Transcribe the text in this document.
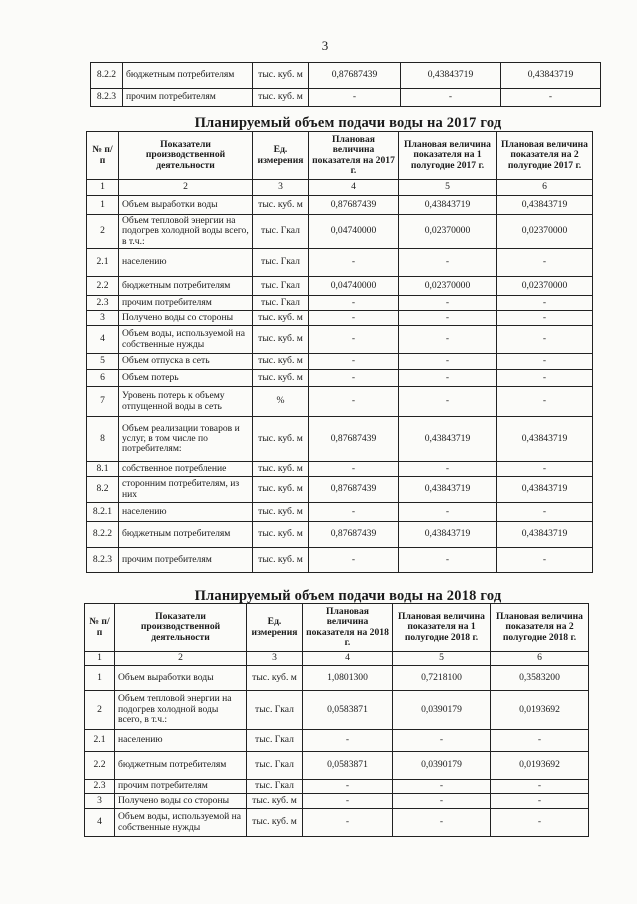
3
8.2.2	бюджетным потребителям	тыс. куб. м	0,87687439	0,43843719	0,43843719
8.2.3	прочим потребителям	тыс. куб. м	-	-	-
Планируемый объем подачи воды на 2017 год
№ п/п	Показатели производственной деятельности	Ед. измерения	Плановая величина показателя на 2017 г.	Плановая величина показателя на 1 полугодие 2017 г.	Плановая величина показателя на 2 полугодие 2017 г.
1	2	3	4	5	6
1	Объем выработки воды	тыс. куб. м	0,87687439	0,43843719	0,43843719
2	Объем тепловой энергии на подогрев холодной воды всего, в т.ч.:	тыс. Гкал	0,04740000	0,02370000	0,02370000
2.1	населению	тыс. Гкал	-	-	-
2.2	бюджетным потребителям	тыс. Гкал	0,04740000	0,02370000	0,02370000
2.3	прочим потребителям	тыс. Гкал	-	-	-
3	Получено воды со стороны	тыс. куб. м	-	-	-
4	Объем воды, используемой на собственные нужды	тыс. куб. м	-	-	-
5	Объем отпуска в сеть	тыс. куб. м	-	-	-
6	Объем потерь	тыс. куб. м	-	-	-
7	Уровень потерь к объему отпущенной воды в сеть	%	-	-	-
8	Объем реализации товаров и услуг, в том числе по потребителям:	тыс. куб. м	0,87687439	0,43843719	0,43843719
8.1	собственное потребление	тыс. куб. м	-	-	-
8.2	сторонним потребителям, из них	тыс. куб. м	0,87687439	0,43843719	0,43843719
8.2.1	населению	тыс. куб. м	-	-	-
8.2.2	бюджетным потребителям	тыс. куб. м	0,87687439	0,43843719	0,43843719
8.2.3	прочим потребителям	тыс. куб. м	-	-	-
Планируемый объем подачи воды на 2018 год
№ п/п	Показатели производственной деятельности	Ед. измерения	Плановая величина показателя на 2018 г.	Плановая величина показателя на 1 полугодие 2018 г.	Плановая величина показателя на 2 полугодие 2018 г.
1	2	3	4	5	6
1	Объем выработки воды	тыс. куб. м	1,0801300	0,7218100	0,3583200
2	Объем тепловой энергии на подогрев холодной воды всего, в т.ч.:	тыс. Гкал	0,0583871	0,0390179	0,0193692
2.1	населению	тыс. Гкал	-	-	-
2.2	бюджетным потребителям	тыс. Гкал	0,0583871	0,0390179	0,0193692
2.3	прочим потребителям	тыс. Гкал	-	-	-
3	Получено воды со стороны	тыс. куб. м	-	-	-
4	Объем воды, используемой на собственные нужды	тыс. куб. м	-	-	-
